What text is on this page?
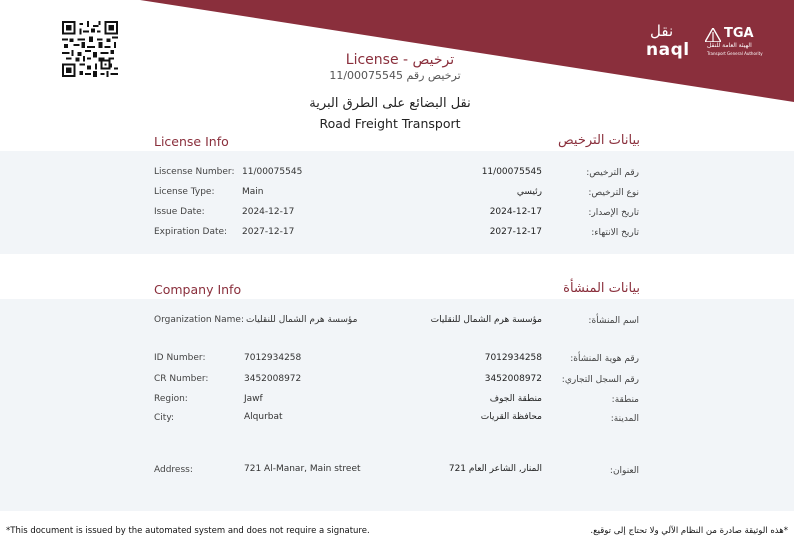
نقل
naql
TGA
الهيئة العامة للنقل
Transport General Authority
License - ترخيص
11/00075545 ترخيص رقم
نقل البضائع على الطرق البرية
Road Freight Transport
License Info	بيانات الترخيص
Liscense Number: 11/00075545	11/00075545	رقم الترخيص:
License Type:	Main	رئيسي	نوع الترخيص:
Issue Date:	2024-12-17	2024-12-17	تاريخ الإصدار:
Expiration Date: 2027-12-17	2027-12-17	تاريخ الانتهاء:
Company Info	بيانات المنشأة
Organization Name: مؤسسة هرم الشمال للنقليات	مؤسسة هرم الشمال للنقليات	اسم المنشأة:
ID Number:	7012934258	7012934258	رقم هوية المنشأة:
CR Number:	3452008972	3452008972 رقم السجل التجاري:
Region:	Jawf	منطقة الجوف	منطقة:
City:	Alqurbat	محافظة القريات	المدينة:
Address:	721 Al-Manar, Main street	721 المنار, الشاعر العام	العنوان:
*This document is issued by the automated system and does not require a signature.	*هذه الوثيقة صادرة من النظام الآلي ولا تحتاج إلى توقيع.
